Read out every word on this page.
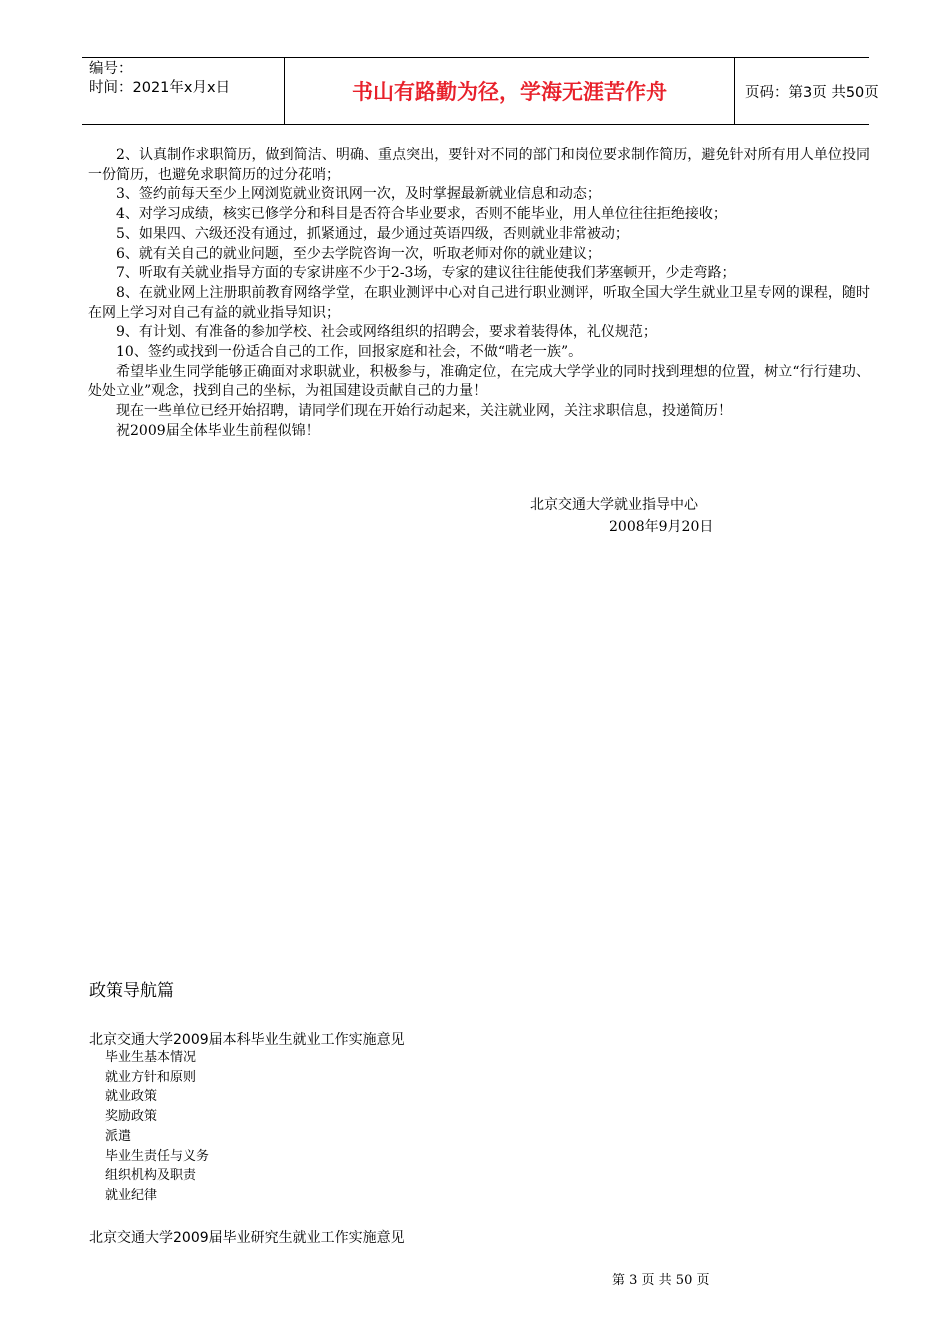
编号：
时间：2021年x月x日	书山有路勤为径，学海无涯苦作舟	页码：第3页 共50页

2、认真制作求职简历，做到简洁、明确、重点突出，要针对不同的部门和岗位要求制作简历，避免针对所有用人单位投同一份简历，也避免求职简历的过分花哨；

3、签约前每天至少上网浏览就业资讯网一次，及时掌握最新就业信息和动态；

4、对学习成绩，核实已修学分和科目是否符合毕业要求，否则不能毕业，用人单位往往拒绝接收；

5、如果四、六级还没有通过，抓紧通过，最少通过英语四级，否则就业非常被动；

6、就有关自己的就业问题，至少去学院咨询一次，听取老师对你的就业建议；

7、听取有关就业指导方面的专家讲座不少于2-3场，专家的建议往往能使我们茅塞顿开，少走弯路；

8、在就业网上注册职前教育网络学堂，在职业测评中心对自己进行职业测评，听取全国大学生就业卫星专网的课程，随时在网上学习对自己有益的就业指导知识；

9、有计划、有准备的参加学校、社会或网络组织的招聘会，要求着装得体，礼仪规范；

10、签约或找到一份适合自己的工作，回报家庭和社会，不做“啃老一族”。

希望毕业生同学能够正确面对求职就业，积极参与，准确定位，在完成大学学业的同时找到理想的位置，树立“行行建功、处处立业”观念，找到自己的坐标，为祖国建设贡献自己的力量！

现在一些单位已经开始招聘，请同学们现在开始行动起来，关注就业网，关注求职信息，投递简历！

祝2009届全体毕业生前程似锦！

北京交通大学就业指导中心
2008年9月20日
政策导航篇
北京交通大学2009届本科毕业生就业工作实施意见
毕业生基本情况
就业方针和原则
就业政策
奖励政策
派遣
毕业生责任与义务
组织机构及职责
就业纪律
北京交通大学2009届毕业研究生就业工作实施意见
第 3 页 共 50 页
